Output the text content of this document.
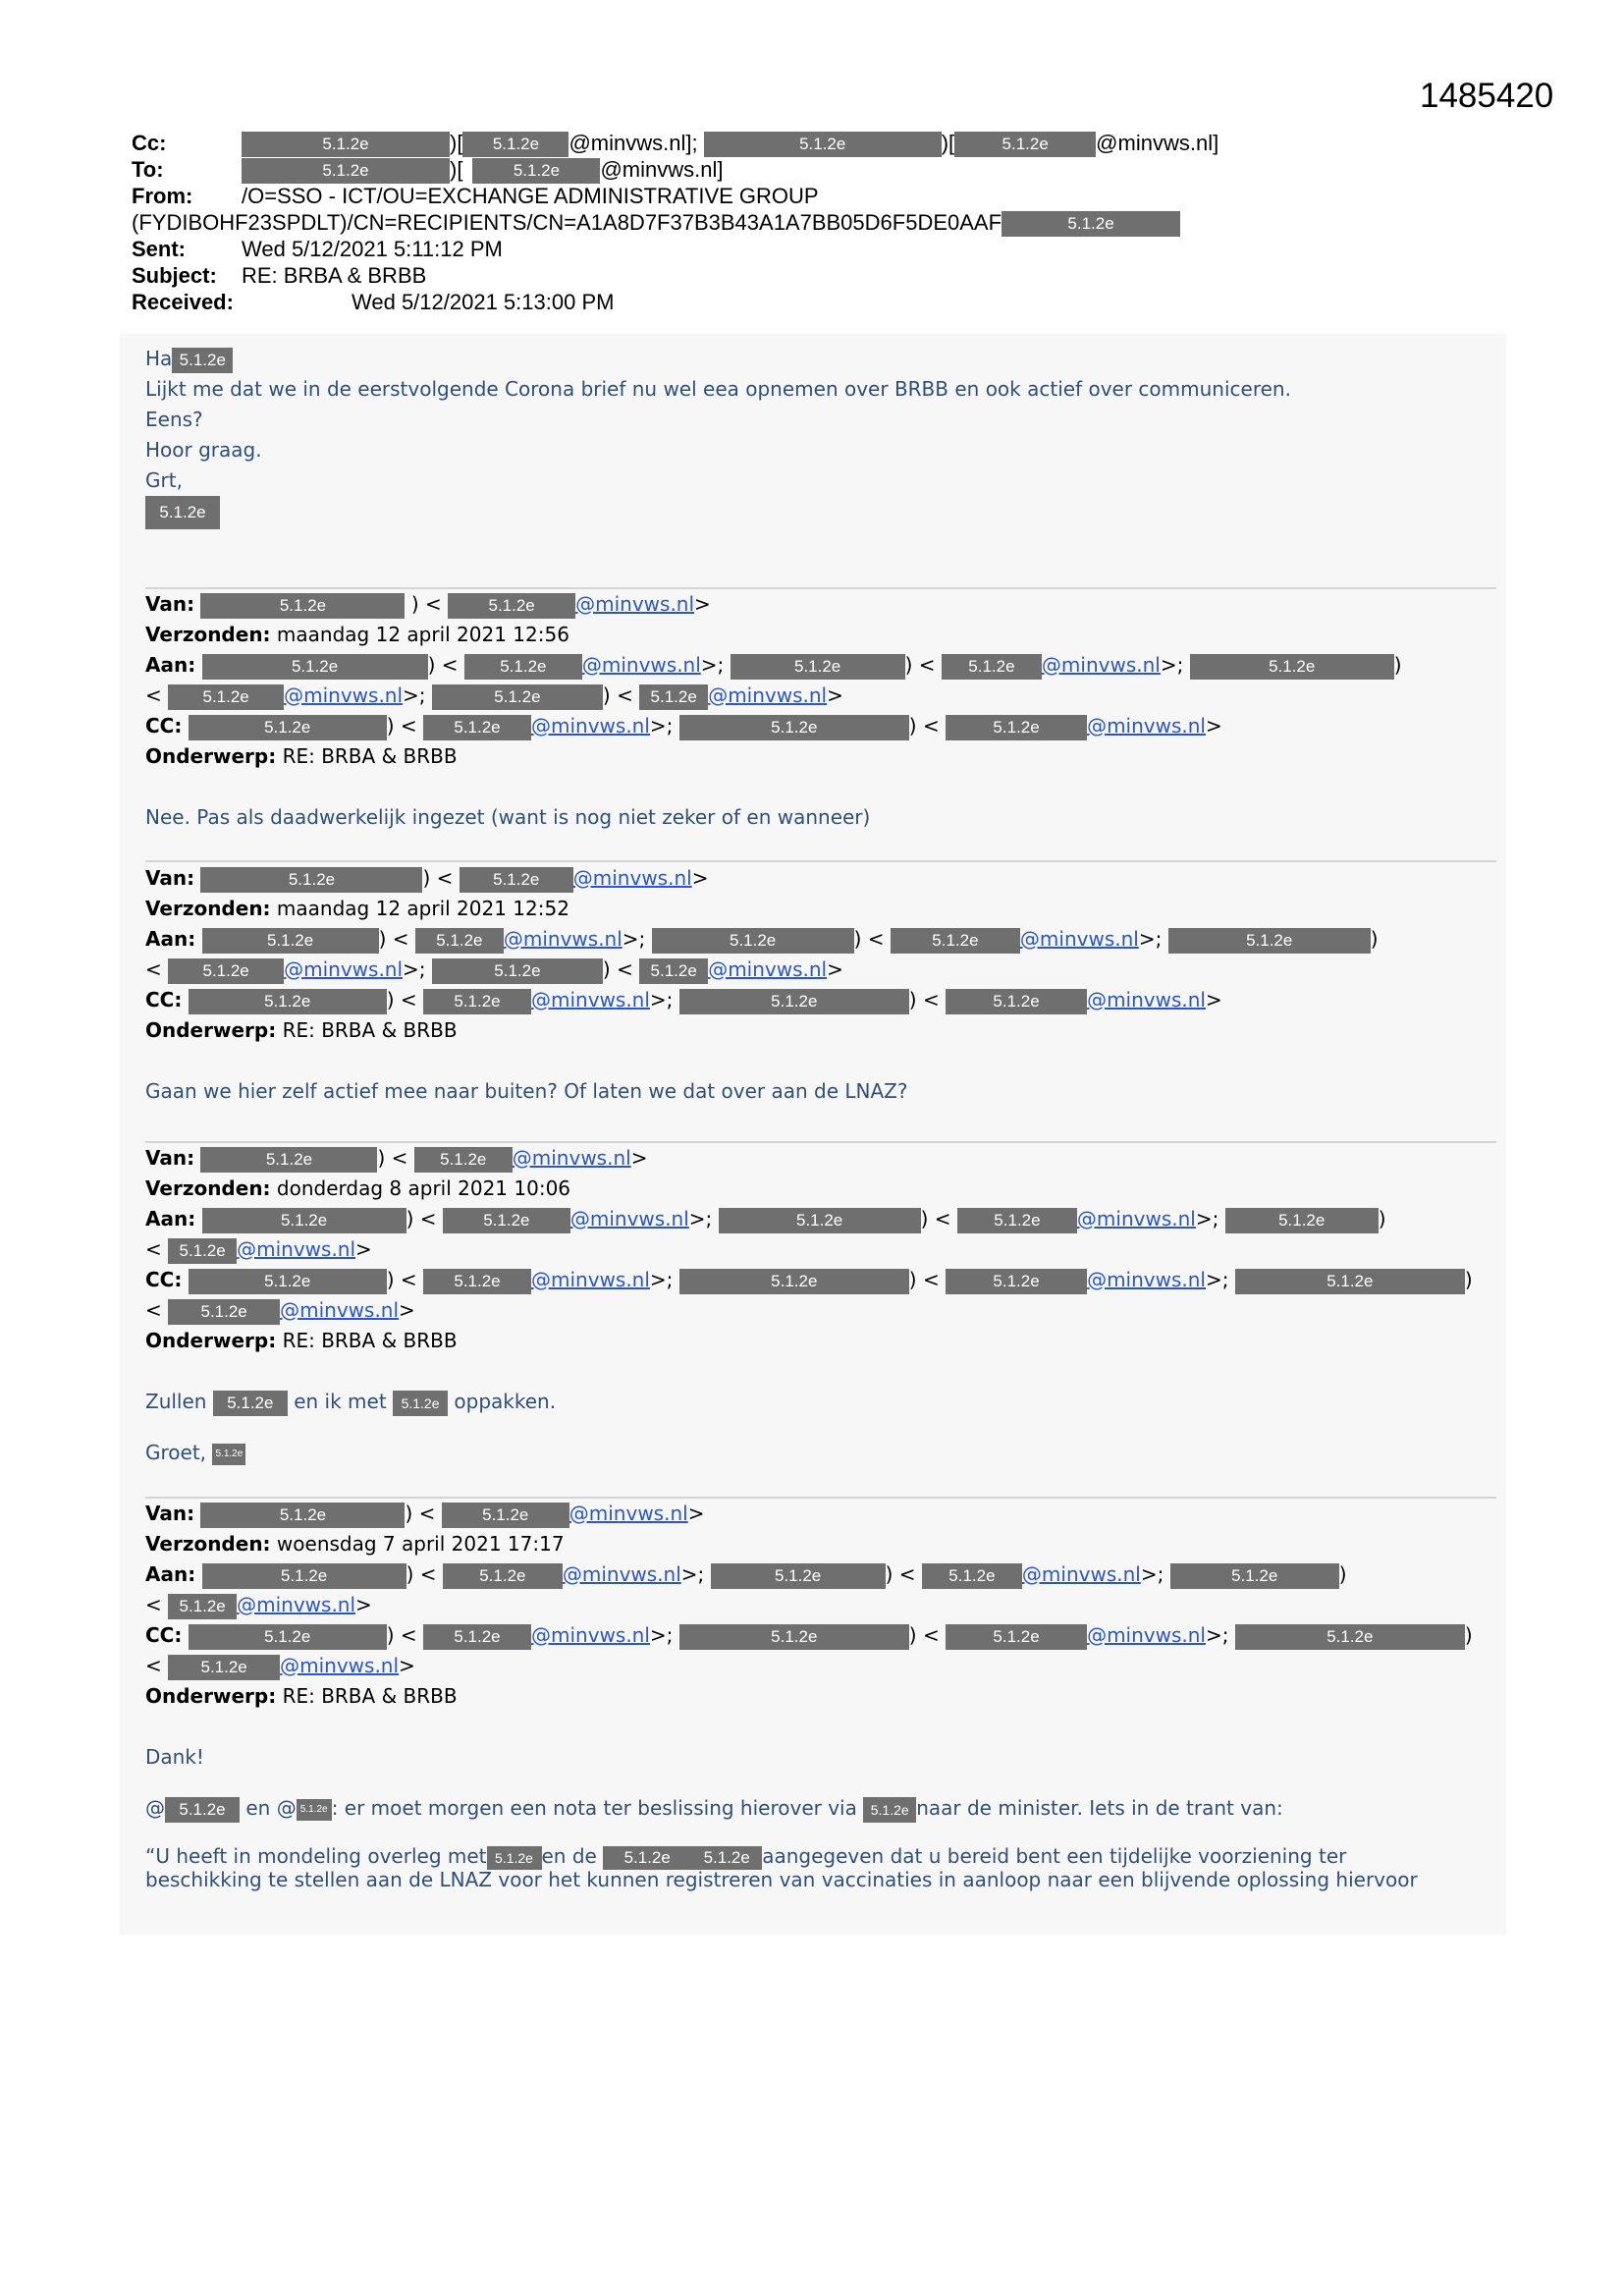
1485420
Cc:	5.1.2e	)[ 5.1.2e @minvws.nl];	5.1.2e	)[	5.1.2e @minvws.nl]
To:	5.1.2e	)[	5.1.2e @minvws.nl]
From: /O=SSO - ICT/OU=EXCHANGE ADMINISTRATIVE GROUP
(FYDIBOHF23SPDLT)/CN=RECIPIENTS/CN=A1A8D7F37B3B43A1A7BB05D6F5DE0AAF	5.1.2e
Sent:	Wed 5/12/2021 5:11:12 PM
Subject: RE: BRBA & BRBB
Received:	Wed 5/12/2021 5:13:00 PM
Ha 5.1.2e
Lijkt me dat we in de eerstvolgende Corona brief nu wel eea opnemen over BRBB en ook actief over communiceren.
Eens?
Hoor graag.
Grt,
5.1.2e
Van:	5.1.2e	) < 5.1.2e @minvws.nl>
Verzonden: maandag 12 april 2021 12:56
Aan:	5.1.2e	) < 5.1.2e @minvws.nl>;	5.1.2e	) < 5.1.2e @minvws.nl>;	5.1.2e	)
< 5.1.2e @minvws.nl>;	5.1.2e	) < 5.1.2e @minvws.nl>
CC:	5.1.2e	) < 5.1.2e @minvws.nl>;	5.1.2e	) <	5.1.2e @minvws.nl>
Onderwerp: RE: BRBA & BRBB
Nee. Pas als daadwerkelijk ingezet (want is nog niet zeker of en wanneer)
Van:	5.1.2e	) < 5.1.2e @minvws.nl>
Verzonden: maandag 12 april 2021 12:52
Aan:	5.1.2e	) < 5.1.2e @minvws.nl>;	5.1.2e	) < 5.1.2e @minvws.nl>;	5.1.2e	)
< 5.1.2e @minvws.nl>;	5.1.2e	) < 5.1.2e @minvws.nl>
CC:	5.1.2e	) < 5.1.2e @minvws.nl>;	5.1.2e	) <	5.1.2e @minvws.nl>
Onderwerp: RE: BRBA & BRBB
Gaan we hier zelf actief mee naar buiten? Of laten we dat over aan de LNAZ?
Van:	5.1.2e	) < 5.1.2e @minvws.nl>
Verzonden: donderdag 8 april 2021 10:06
Aan:	5.1.2e	) < 5.1.2e @minvws.nl>;	5.1.2e	) < 5.1.2e @minvws.nl>;	5.1.2e	)
< 5.1.2e @minvws.nl>
CC:	5.1.2e	) < 5.1.2e @minvws.nl>;	5.1.2e	) <	5.1.2e @minvws.nl>;	5.1.2e	)
< 5.1.2e @minvws.nl>
Onderwerp: RE: BRBA & BRBB
Zullen 5.1.2e en ik met 5.1.2e oppakken.
Groet, 5.1.2e
Van:	5.1.2e	) < 5.1.2e @minvws.nl>
Verzonden: woensdag 7 april 2021 17:17
Aan:	5.1.2e	) < 5.1.2e @minvws.nl>;	5.1.2e	) < 5.1.2e @minvws.nl>;	5.1.2e	)
< 5.1.2e @minvws.nl>
CC:	5.1.2e	) < 5.1.2e @minvws.nl>;	5.1.2e	) <	5.1.2e @minvws.nl>;	5.1.2e	)
< 5.1.2e @minvws.nl>
Onderwerp: RE: BRBA & BRBB
Dank!
@ 5.1.2e en @ 5.1.2e : er moet morgen een nota ter beslissing hierover via 5.1.2e naar de minister. Iets in de trant van:
“U heeft in mondeling overleg met 5.1.2e en de 5.1.2e 5.1.2e aangegeven dat u bereid bent een tijdelijke voorziening ter
beschikking te stellen aan de LNAZ voor het kunnen registreren van vaccinaties in aanloop naar een blijvende oplossing hiervoor
